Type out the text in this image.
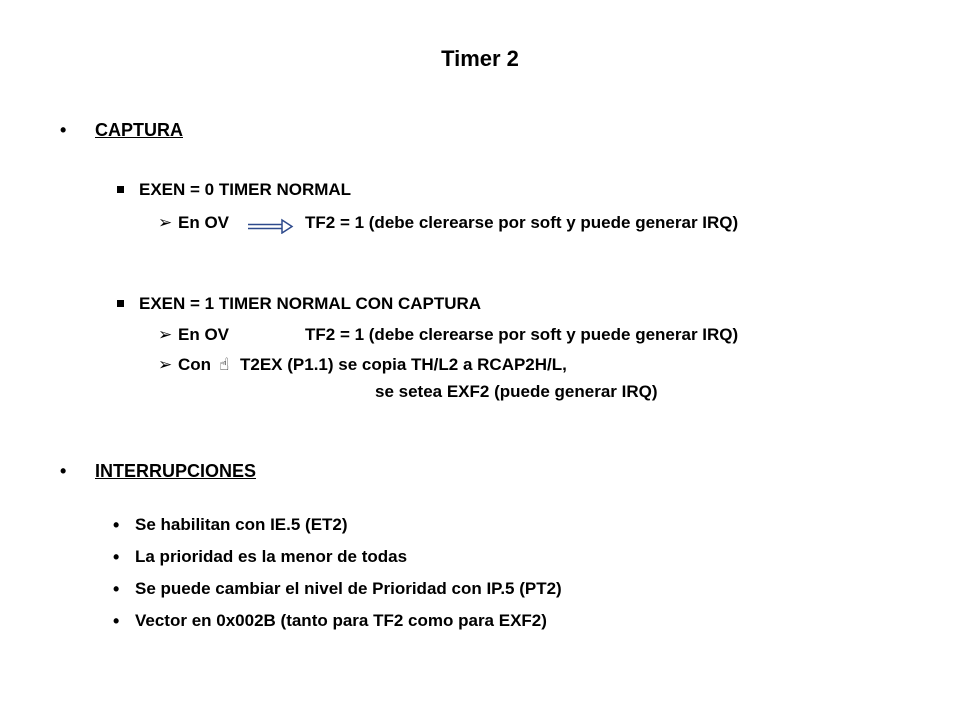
Timer 2
• CAPTURA
EXEN = 0 TIMER NORMAL
➢ En OV	TF2 = 1 (debe clerearse por soft y puede generar IRQ)
EXEN = 1 TIMER NORMAL CON CAPTURA
➢ En OV	TF2 = 1 (debe clerearse por soft y puede generar IRQ)
➢ Con ☝ T2EX (P1.1) se copia TH/L2 a RCAP2H/L,
se setea EXF2 (puede generar IRQ)
• INTERRUPCIONES
• Se habilitan con IE.5 (ET2)
• La prioridad es la menor de todas
• Se puede cambiar el nivel de Prioridad con IP.5 (PT2)
• Vector en 0x002B (tanto para TF2 como para EXF2)
